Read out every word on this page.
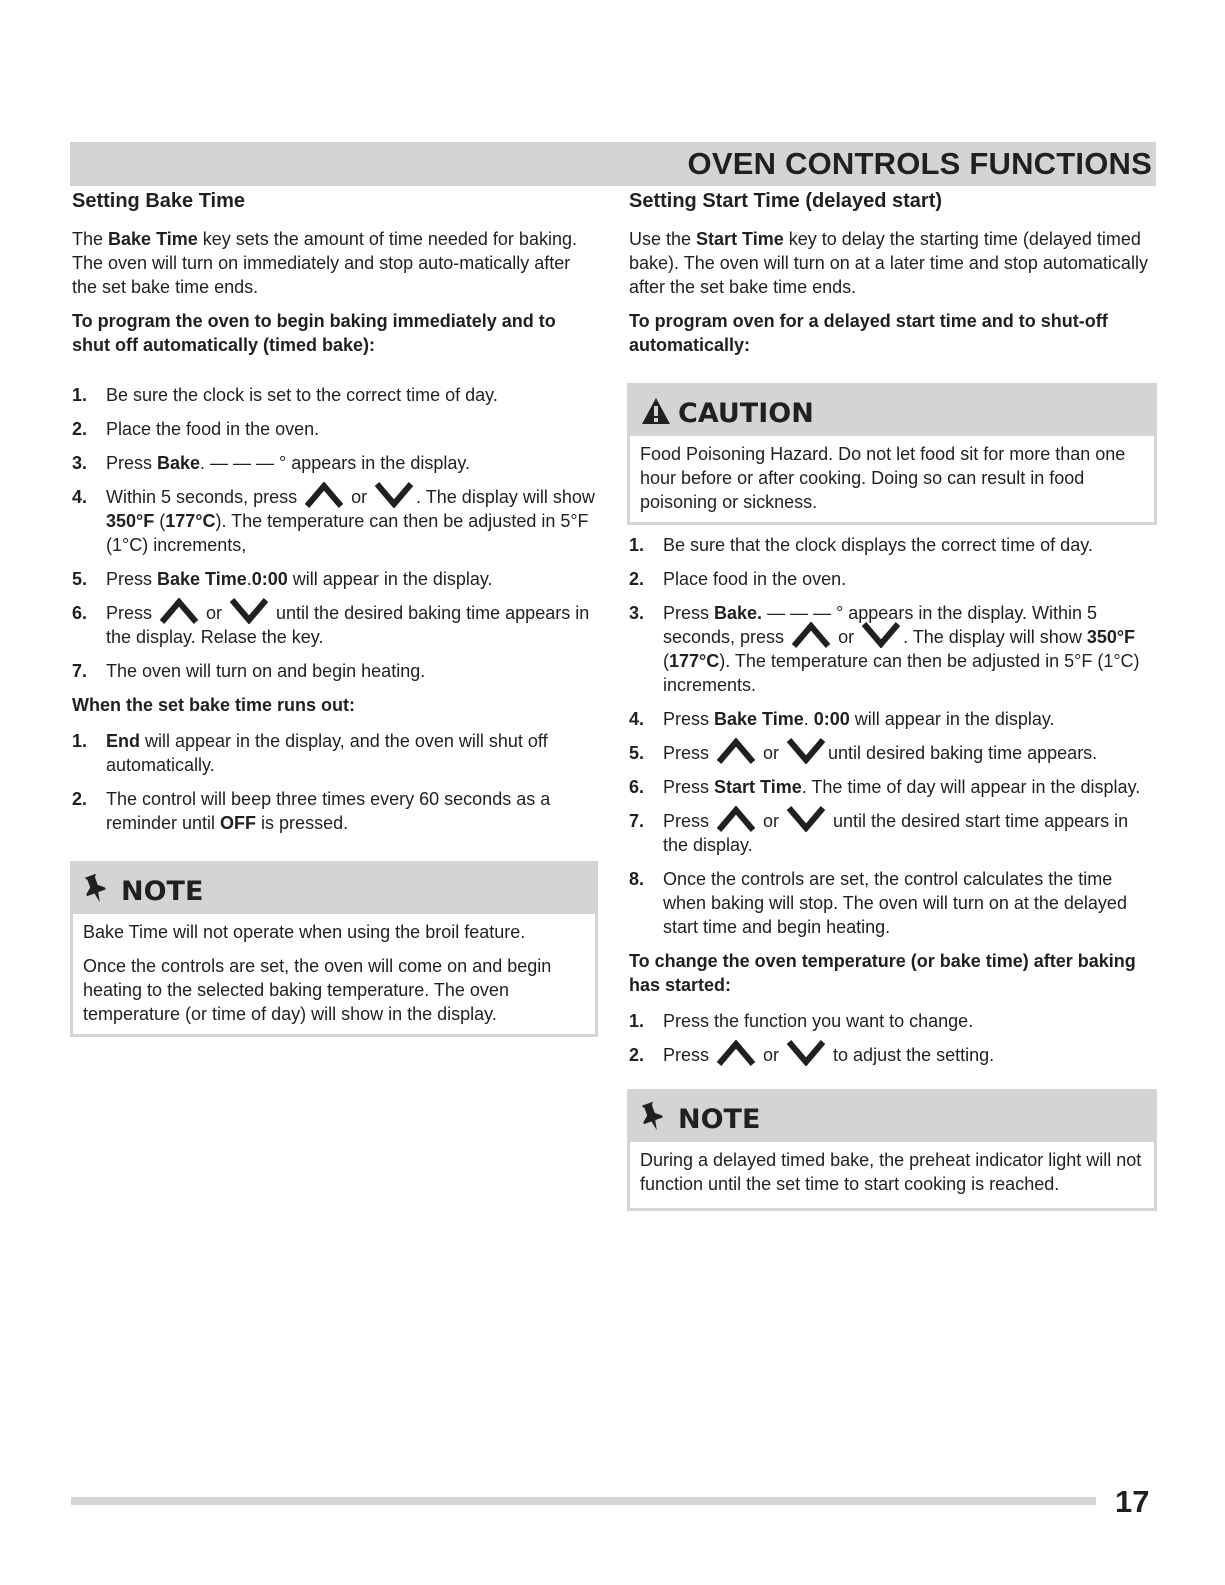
OVEN CONTROLS FUNCTIONS
Setting Bake Time

The Bake Time key sets the amount of time needed for baking. The oven will turn on immediately and stop auto-matically after the set bake time ends.

To program the oven to begin baking immediately and to shut off automatically (timed bake):
1. Be sure the clock is set to the correct time of day.
2. Place the food in the oven.
3. Press Bake. — — — ° appears in the display.
4. Within 5 seconds, press  or . The display will show 350°F (177°C). The temperature can then be adjusted in 5°F (1°C) increments,
5. Press Bake Time.0:00 will appear in the display.
6. Press  or  until the desired baking time appears in the display. Relase the key.
7. The oven will turn on and begin heating.
When the set bake time runs out:
1. End will appear in the display, and the oven will shut off automatically.
2. The control will beep three times every 60 seconds as a reminder until OFF is pressed.
NOTE

Bake Time will not operate when using the broil feature.

Once the controls are set, the oven will come on and begin heating to the selected baking temperature. The oven temperature (or time of day) will show in the display.

Setting Start Time (delayed start)

Use the Start Time key to delay the starting time (delayed timed bake). The oven will turn on at a later time and stop automatically after the set bake time ends.

To program oven for a delayed start time and to shut-off automatically:
CAUTION

Food Poisoning Hazard. Do not let food sit for more than one hour before or after cooking. Doing so can result in food poisoning or sickness.

1. Be sure that the clock displays the correct time of day.
2. Place food in the oven.
3. Press Bake. — — — ° appears in the display. Within 5 seconds, press  or . The display will show 350°F (177°C). The temperature can then be adjusted in 5°F (1°C) increments.
4. Press Bake Time. 0:00 will appear in the display.
5. Press  or until desired baking time appears.
6. Press Start Time. The time of day will appear in the display.
7. Press  or  until the desired start time appears in the display.
8. Once the controls are set, the control calculates the time when baking will stop. The oven will turn on at the delayed start time and begin heating.
To change the oven temperature (or bake time) after baking has started:
1. Press the function you want to change.
2. Press  or  to adjust the setting.
NOTE

During a delayed timed bake, the preheat indicator light will not function until the set time to start cooking is reached.

17
